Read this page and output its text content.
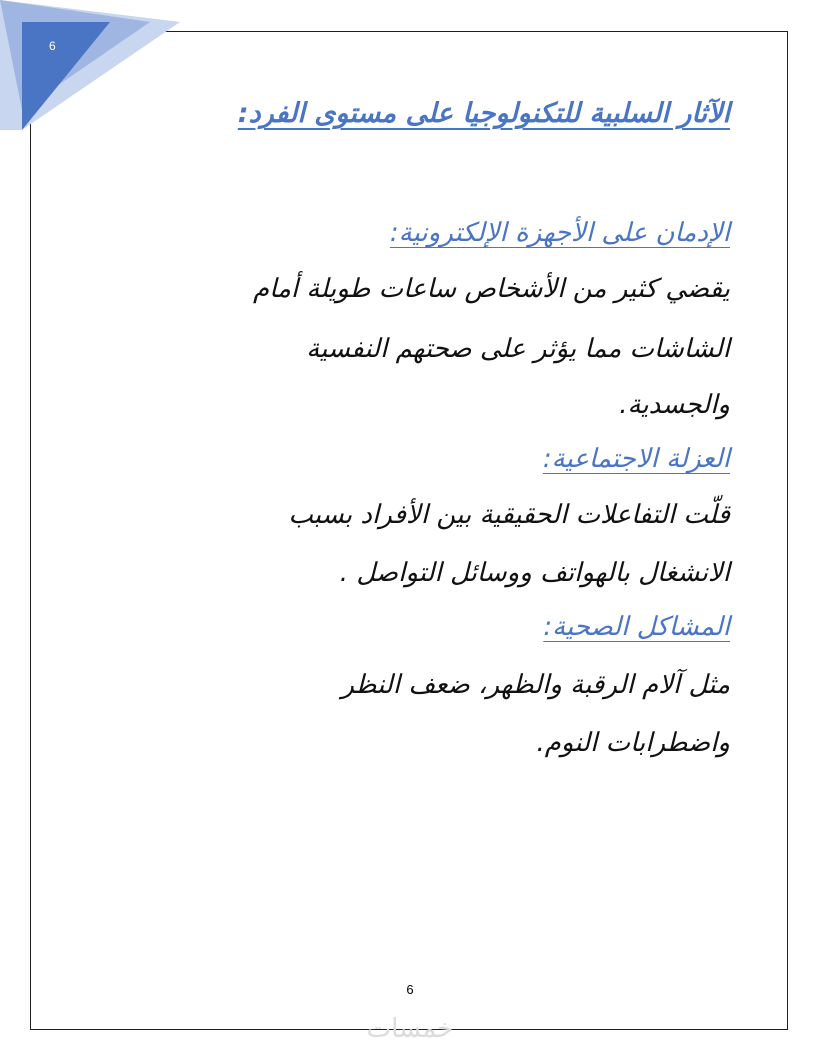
6
الآثار السلبية للتكنولوجيا على مستوى الفرد:
الإدمان على الأجهزة الإلكترونية:
يقضي كثير من الأشخاص ساعات طويلة أمام
الشاشات مما يؤثر على صحتهم النفسية
والجسدية.
العزلة الاجتماعية:
قلّت التفاعلات الحقيقية بين الأفراد بسبب
الانشغال بالهواتف ووسائل التواصل .
المشاكل الصحية:
مثل آلام الرقبة والظهر، ضعف النظر
واضطرابات النوم.
6
خمسات
